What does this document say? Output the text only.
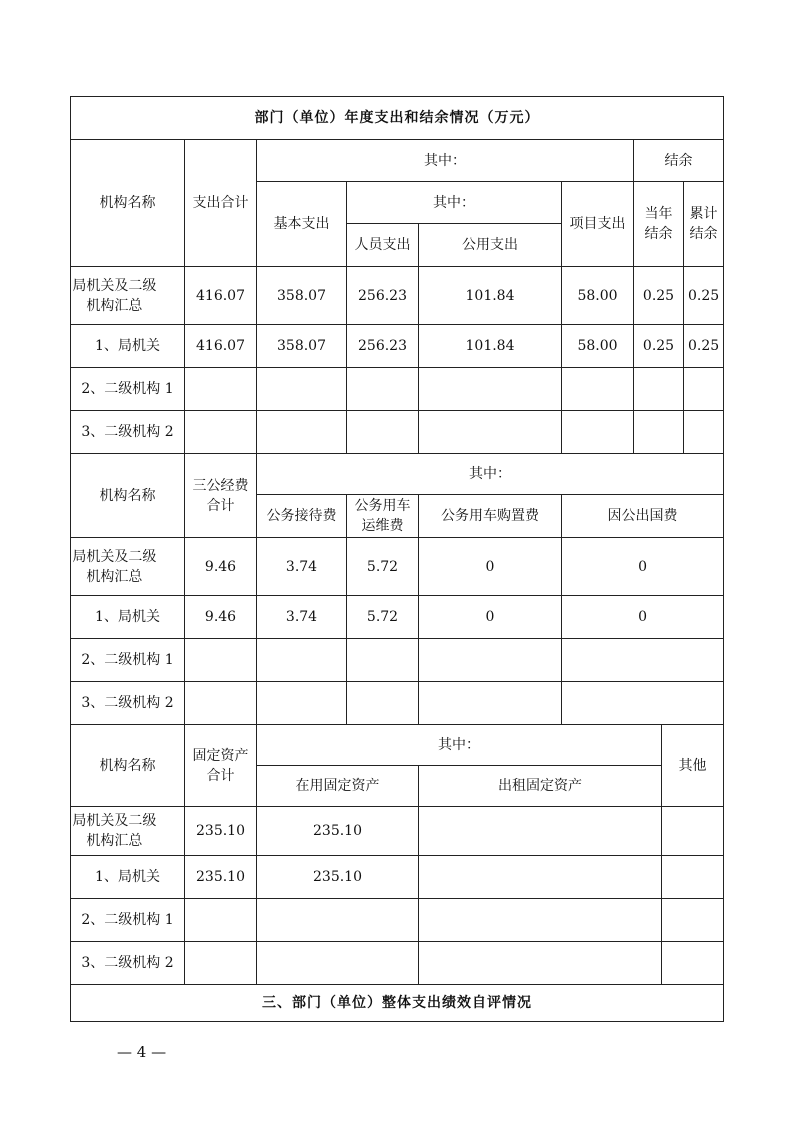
部门（单位）年度支出和结余情况（万元）								
机构名称	支出合计	其中：				结余		
		基本支出	其中：		项目支出	当年结余		累计结余

			人员支出	公用支出				

局机关及二级机构汇总	416.07	358.07	256.23	101.84	58.00	0.25		0.25
1、局机关	416.07	358.07	256.23	101.84	58.00	0.25		0.25
2、二级机构 1								
3、二级机构 2								
机构名称	三公经费合计	其中：						
		公务接待费	公务用车运维费	公务用车购置费	因公出国费			

局机关及二级机构汇总	9.46	3.74	5.72	0	0			
1、局机关	9.46	3.74	5.72	0	0			
2、二级机构 1								
3、二级机构 2								
机构名称	固定资产合计	其中：					其他	
		在用固定资产		出租固定资产				

局机关及二级机构汇总	235.10	235.10						
1、局机关	235.10	235.10						
2、二级机构 1								
3、二级机构 2								
三、部门（单位）整体支出绩效自评情况								
— 4 —
